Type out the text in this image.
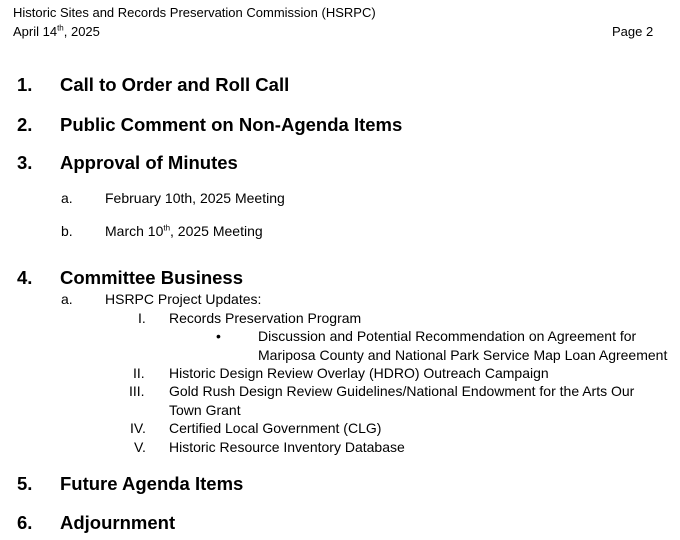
Historic Sites and Records Preservation Commission (HSRPC)
April 14th, 2025	Page 2
1. Call to Order and Roll Call
2. Public Comment on Non-Agenda Items
3. Approval of Minutes
a. February 10th, 2025 Meeting
b. March 10th, 2025 Meeting
4. Committee Business
a. HSRPC Project Updates:
I. Records Preservation Program
•	Discussion and Potential Recommendation on Agreement for
Mariposa County and National Park Service Map Loan Agreement
II. Historic Design Review Overlay (HDRO) Outreach Campaign
III. Gold Rush Design Review Guidelines/National Endowment for the Arts Our
Town Grant
IV. Certified Local Government (CLG)
V. Historic Resource Inventory Database
5. Future Agenda Items
6. Adjournment
